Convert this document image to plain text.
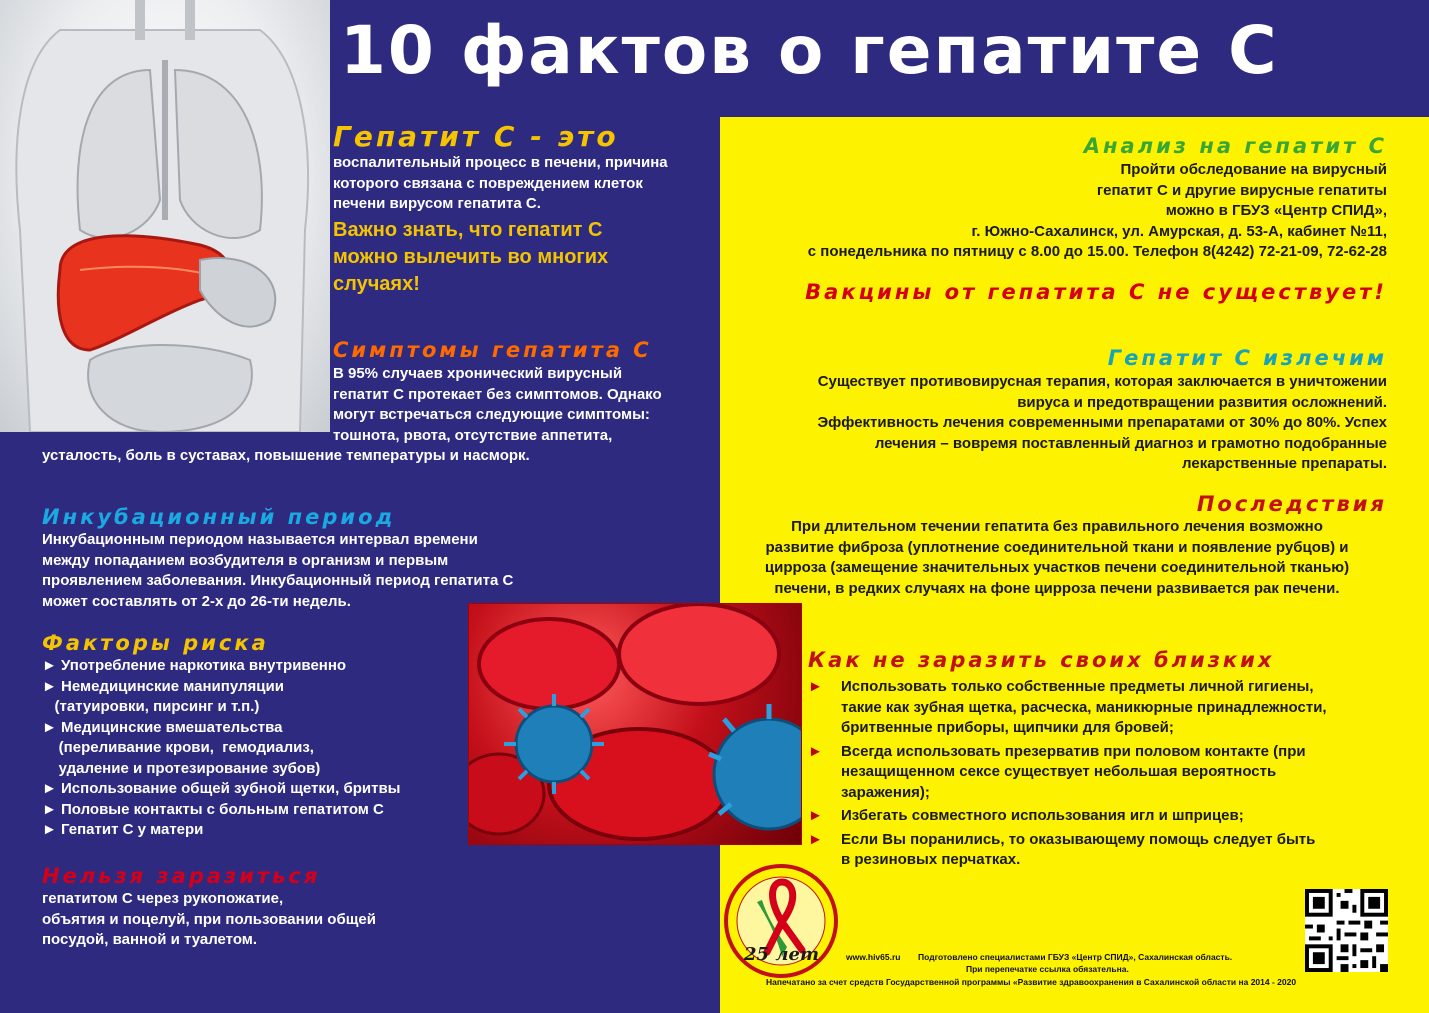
10 фактов о гепатите С
Гепатит С - это
воспалительный процесс в печени, причина
которого связана с повреждением клеток
печени вирусом гепатита С.
Важно знать, что гепатит С
можно вылечить во многих
случаях!
Симптомы гепатита С
В 95% случаев хронический вирусный
гепатит С протекает без симптомов. Однако
могут встречаться следующие симптомы:
тошнота, рвота, отсутствие аппетита,
усталость, боль в суставах, повышение температуры и насморк.
Инкубационный период
Инкубационным периодом называется интервал времени
между попаданием возбудителя в организм и первым
проявлением заболевания. Инкубационный период гепатита С
может составлять от 2-х до 26-ти недель.
Факторы риска
► Употребление наркотика внутривенно
► Немедицинские манипуляции
(татуировки, пирсинг и т.п.)
► Медицинские вмешательства
(переливание крови,  гемодиализ,
удаление и протезирование зубов)
► Использование общей зубной щетки, бритвы
► Половые контакты с больным гепатитом С
► Гепатит С у матери
Нельзя заразиться
гепатитом С через рукопожатие,
объятия и поцелуй, при пользовании общей
посудой, ванной и туалетом.
Анализ на гепатит С
Пройти обследование на вирусный
гепатит С и другие вирусные гепатиты
можно в ГБУЗ «Центр СПИД»,
г. Южно-Сахалинск, ул. Амурская, д. 53-А, кабинет №11,
с понедельника по пятницу с 8.00 до 15.00. Телефон 8(4242) 72-21-09, 72-62-28
Вакцины от гепатита С не существует!
Гепатит С излечим
Существует противовирусная терапия, которая заключается в уничтожении
вируса и предотвращении развития осложнений.
Эффективность лечения современными препаратами от 30% до 80%. Успех
лечения – вовремя поставленный диагноз и грамотно подобранные
лекарственные препараты.
Последствия
При длительном течении гепатита без правильного лечения возможно
развитие фиброза (уплотнение соединительной ткани и появление рубцов) и
цирроза (замещение значительных участков печени соединительной тканью)
печени, в редких случаях на фоне цирроза печени развивается рак печени.
Как не заразить своих близких
► Использовать только собственные предметы личной гигиены,
такие как зубная щетка, расческа, маникюрные принадлежности,
бритвенные приборы, щипчики для бровей;
► Всегда использовать презерватив при половом контакте (при
незащищенном сексе существует небольшая вероятность
заражения);
► Избегать совместного использования игл и шприцев;
► Если Вы поранились, то оказывающему помощь следует быть
в резиновых перчатках.
25 лет	www.hiv65.ru Подготовлено специалистами ГБУЗ «Центр СПИД», Сахалинская область.
При перепечатке ссылка обязательна.
Напечатано за счет средств Государственной программы «Развитие здравоохранения в Сахалинской области на 2014 - 2020
